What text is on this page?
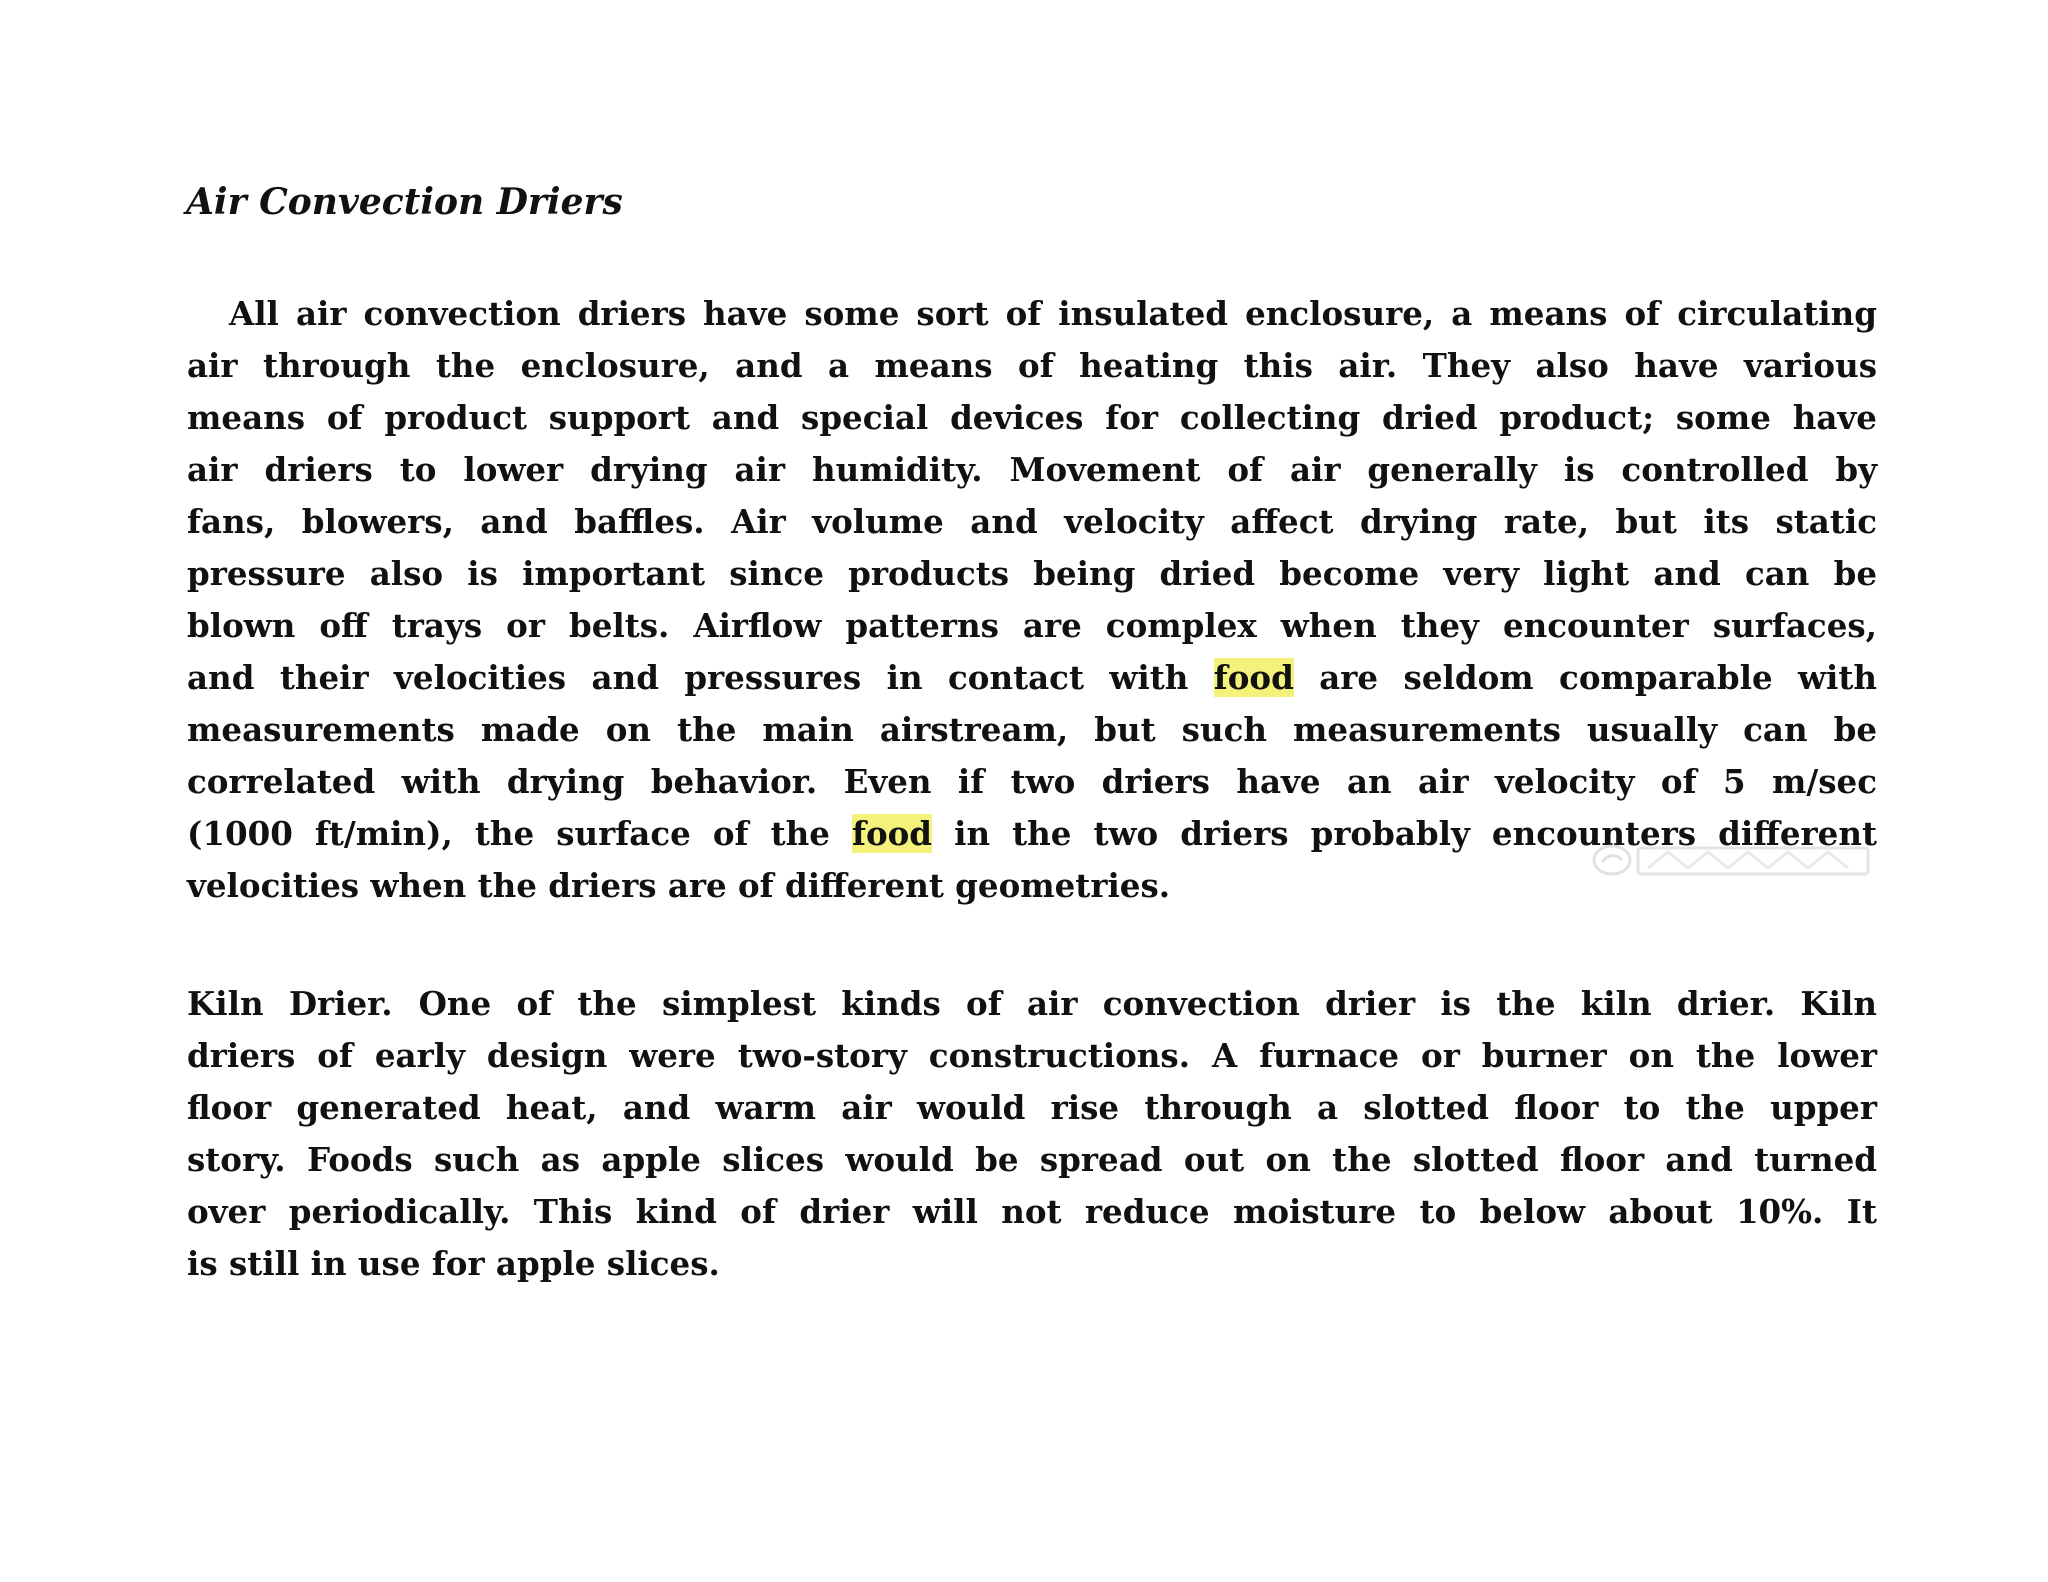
Air Convection Driers
All air convection driers have some sort of insulated enclosure, a means of circulating
air through the enclosure, and a means of heating this air. They also have various
means of product support and special devices for collecting dried product; some have
air driers to lower drying air humidity. Movement of air generally is controlled by
fans, blowers, and baffles. Air volume and velocity affect drying rate, but its static
pressure also is important since products being dried become very light and can be
blown off trays or belts. Airflow patterns are complex when they encounter surfaces,
and their velocities and pressures in contact with food are seldom comparable with
measurements made on the main airstream, but such measurements usually can be
correlated with drying behavior. Even if two driers have an air velocity of 5 m/sec
(1000 ft/min), the surface of the food in the two driers probably encounters different
velocities when the driers are of different geometries.
Kiln Drier. One of the simplest kinds of air convection drier is the kiln drier. Kiln
driers of early design were two-story constructions. A furnace or burner on the lower
floor generated heat, and warm air would rise through a slotted floor to the upper
story. Foods such as apple slices would be spread out on the slotted floor and turned
over periodically. This kind of drier will not reduce moisture to below about 10%. It
is still in use for apple slices.
